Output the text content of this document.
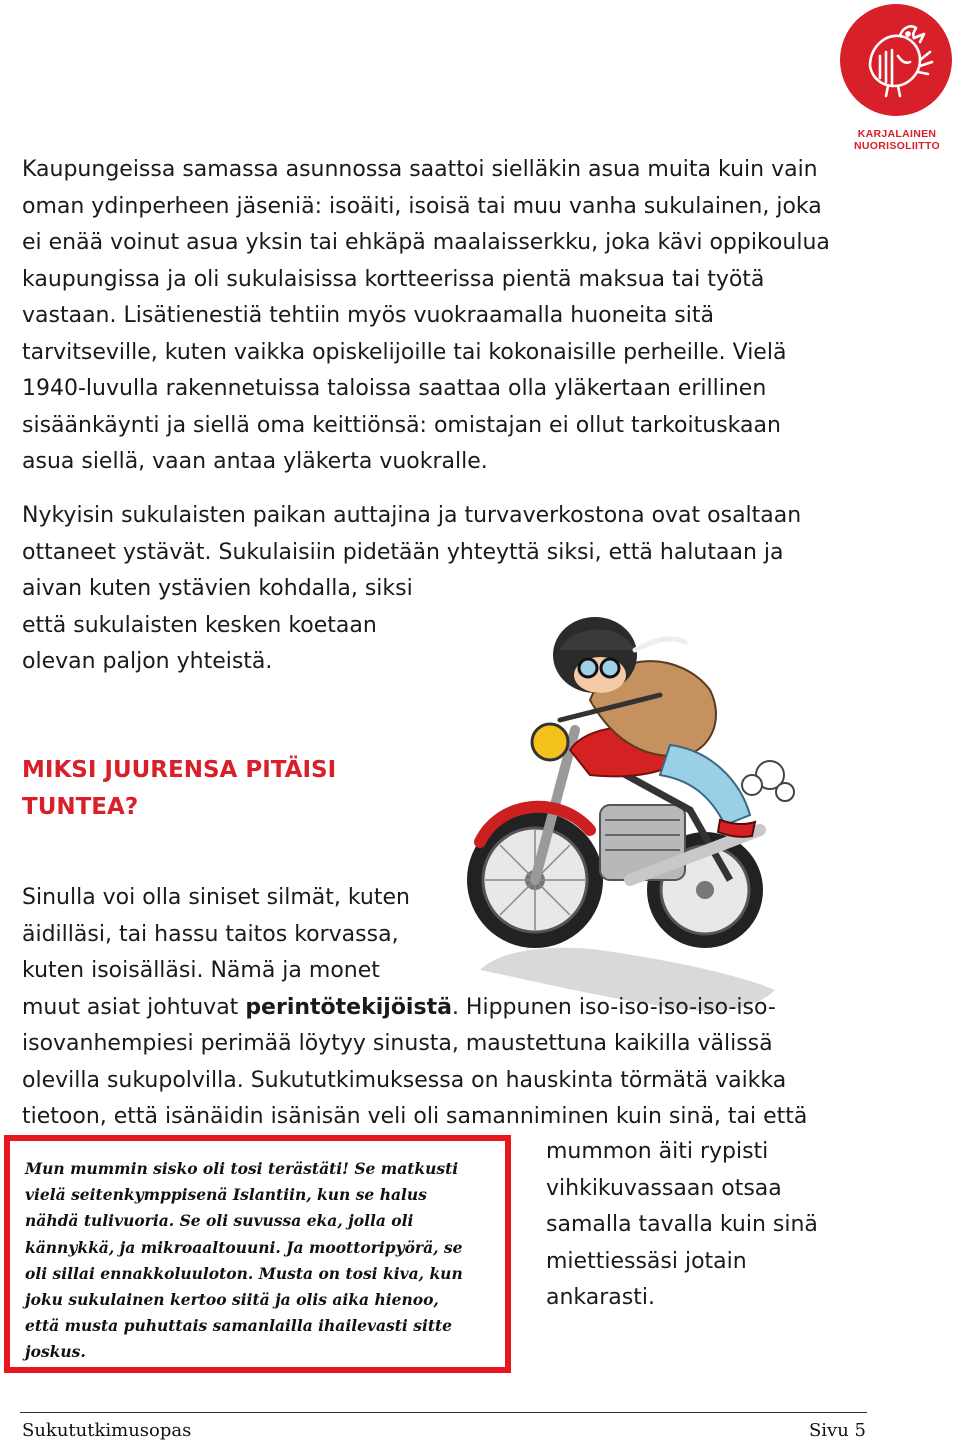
KARJALAINEN
NUORISOLIITTO

Kaupungeissa samassa asunnossa saattoi sielläkin asua muita kuin vain
oman ydinperheen jäseniä: isoäiti, isoisä tai muu vanha sukulainen, joka
ei enää voinut asua yksin tai ehkäpä maalaisserkku, joka kävi oppikoulua
kaupungissa ja oli sukulaisissa kortteerissa pientä maksua tai työtä
vastaan. Lisätienestiä tehtiin myös vuokraamalla huoneita sitä
tarvitseville, kuten vaikka opiskelijoille tai kokonaisille perheille. Vielä
1940-luvulla rakennetuissa taloissa saattaa olla yläkertaan erillinen
sisäänkäynti ja siellä oma keittiönsä: omistajan ei ollut tarkoituskaan
asua siellä, vaan antaa yläkerta vuokralle.

Nykyisin sukulaisten paikan auttajina ja turvaverkostona ovat osaltaan
ottaneet ystävät. Sukulaisiin pidetään yhteyttä siksi, että halutaan ja
aivan kuten ystävien kohdalla, siksi
että sukulaisten kesken koetaan
olevan paljon yhteistä.

MIKSI JUURENSA PITÄISI
TUNTEA?

Sinulla voi olla siniset silmät, kuten
äidilläsi, tai hassu taitos korvassa,
kuten isoisälläsi. Nämä ja monet
muut asiat johtuvat perintötekijöistä. Hippunen iso-iso-iso-iso-iso-
isovanhempiesi perimää löytyy sinusta, maustettuna kaikilla välissä
olevilla sukupolvilla. Sukututkimuksessa on hauskinta törmätä vaikka
tietoon, että isänäidin isänisän veli oli samanniminen kuin sinä, tai että

mummon äiti rypisti
vihkikuvassaan otsaa
samalla tavalla kuin sinä
miettiessäsi jotain
ankarasti.

Mun mummin sisko oli tosi terästäti! Se matkusti
vielä seitenkymppisenä Islantiin, kun se halus
nähdä tulivuoria. Se oli suvussa eka, jolla oli
kännykkä, ja mikroaaltouuni. Ja moottoripyörä, se
oli sillai ennakkoluuloton. Musta on tosi kiva, kun
joku sukulainen kertoo siitä ja olis aika hienoo,
että musta puhuttais samanlailla ihailevasti sitte
joskus.

Sukututkimusopas	Sivu 5
